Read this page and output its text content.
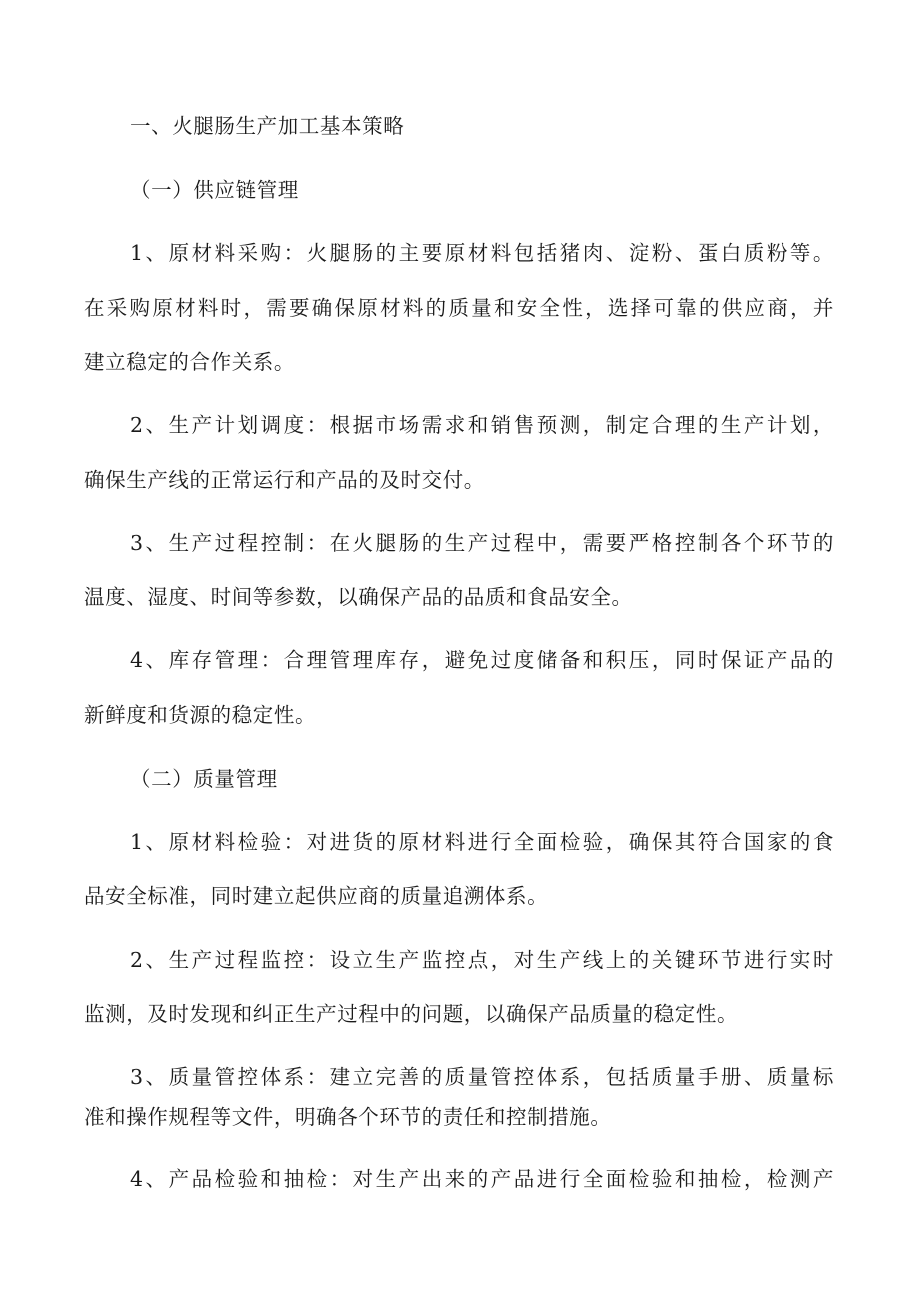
一、火腿肠生产加工基本策略
（一）供应链管理
1、原材料采购：火腿肠的主要原材料包括猪肉、淀粉、蛋白质粉等。
在采购原材料时，需要确保原材料的质量和安全性，选择可靠的供应商，并
建立稳定的合作关系。
2、生产计划调度：根据市场需求和销售预测，制定合理的生产计划，
确保生产线的正常运行和产品的及时交付。
3、生产过程控制：在火腿肠的生产过程中，需要严格控制各个环节的
温度、湿度、时间等参数，以确保产品的品质和食品安全。
4、库存管理：合理管理库存，避免过度储备和积压，同时保证产品的
新鲜度和货源的稳定性。
（二）质量管理
1、原材料检验：对进货的原材料进行全面检验，确保其符合国家的食
品安全标准，同时建立起供应商的质量追溯体系。
2、生产过程监控：设立生产监控点，对生产线上的关键环节进行实时
监测，及时发现和纠正生产过程中的问题，以确保产品质量的稳定性。
3、质量管控体系：建立完善的质量管控体系，包括质量手册、质量标
准和操作规程等文件，明确各个环节的责任和控制措施。
4、产品检验和抽检：对生产出来的产品进行全面检验和抽检，检测产
